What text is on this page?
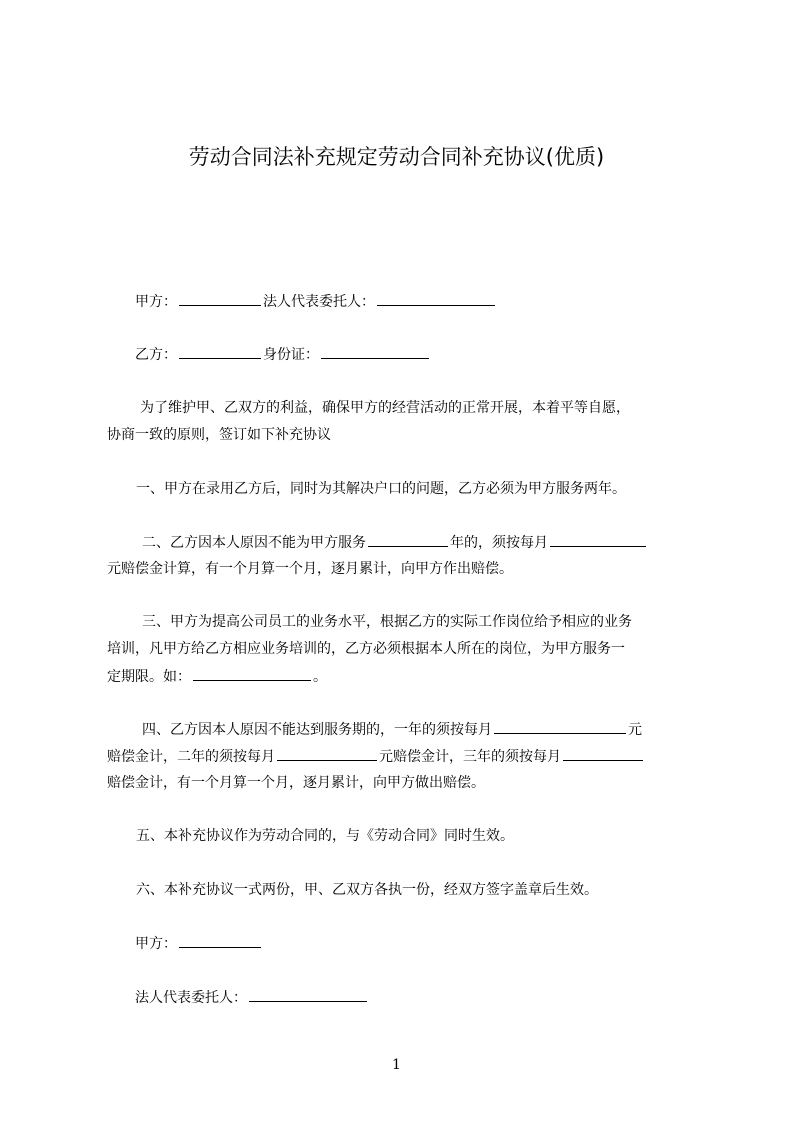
劳动合同法补充规定劳动合同补充协议(优质)
甲方：	法人代表委托人：
乙方：	身份证：
为了维护甲、乙双方的利益，确保甲方的经营活动的正常开展，本着平等自愿，
协商一致的原则，签订如下补充协议
一、甲方在录用乙方后，同时为其解决户口的问题，乙方必须为甲方服务两年。
二、乙方因本人原因不能为甲方服务	年的，须按每月
元赔偿金计算，有一个月算一个月，逐月累计，向甲方作出赔偿。
三、甲方为提高公司员工的业务水平，根据乙方的实际工作岗位给予相应的业务
培训，凡甲方给乙方相应业务培训的，乙方必须根据本人所在的岗位，为甲方服务一
定期限。如：	。
四、乙方因本人原因不能达到服务期的，一年的须按每月	元
赔偿金计，二年的须按每月	元赔偿金计，三年的须按每月
赔偿金计，有一个月算一个月，逐月累计，向甲方做出赔偿。
五、本补充协议作为劳动合同的，与《劳动合同》同时生效。
六、本补充协议一式两份，甲、乙双方各执一份，经双方签字盖章后生效。
甲方：
法人代表委托人：
1
